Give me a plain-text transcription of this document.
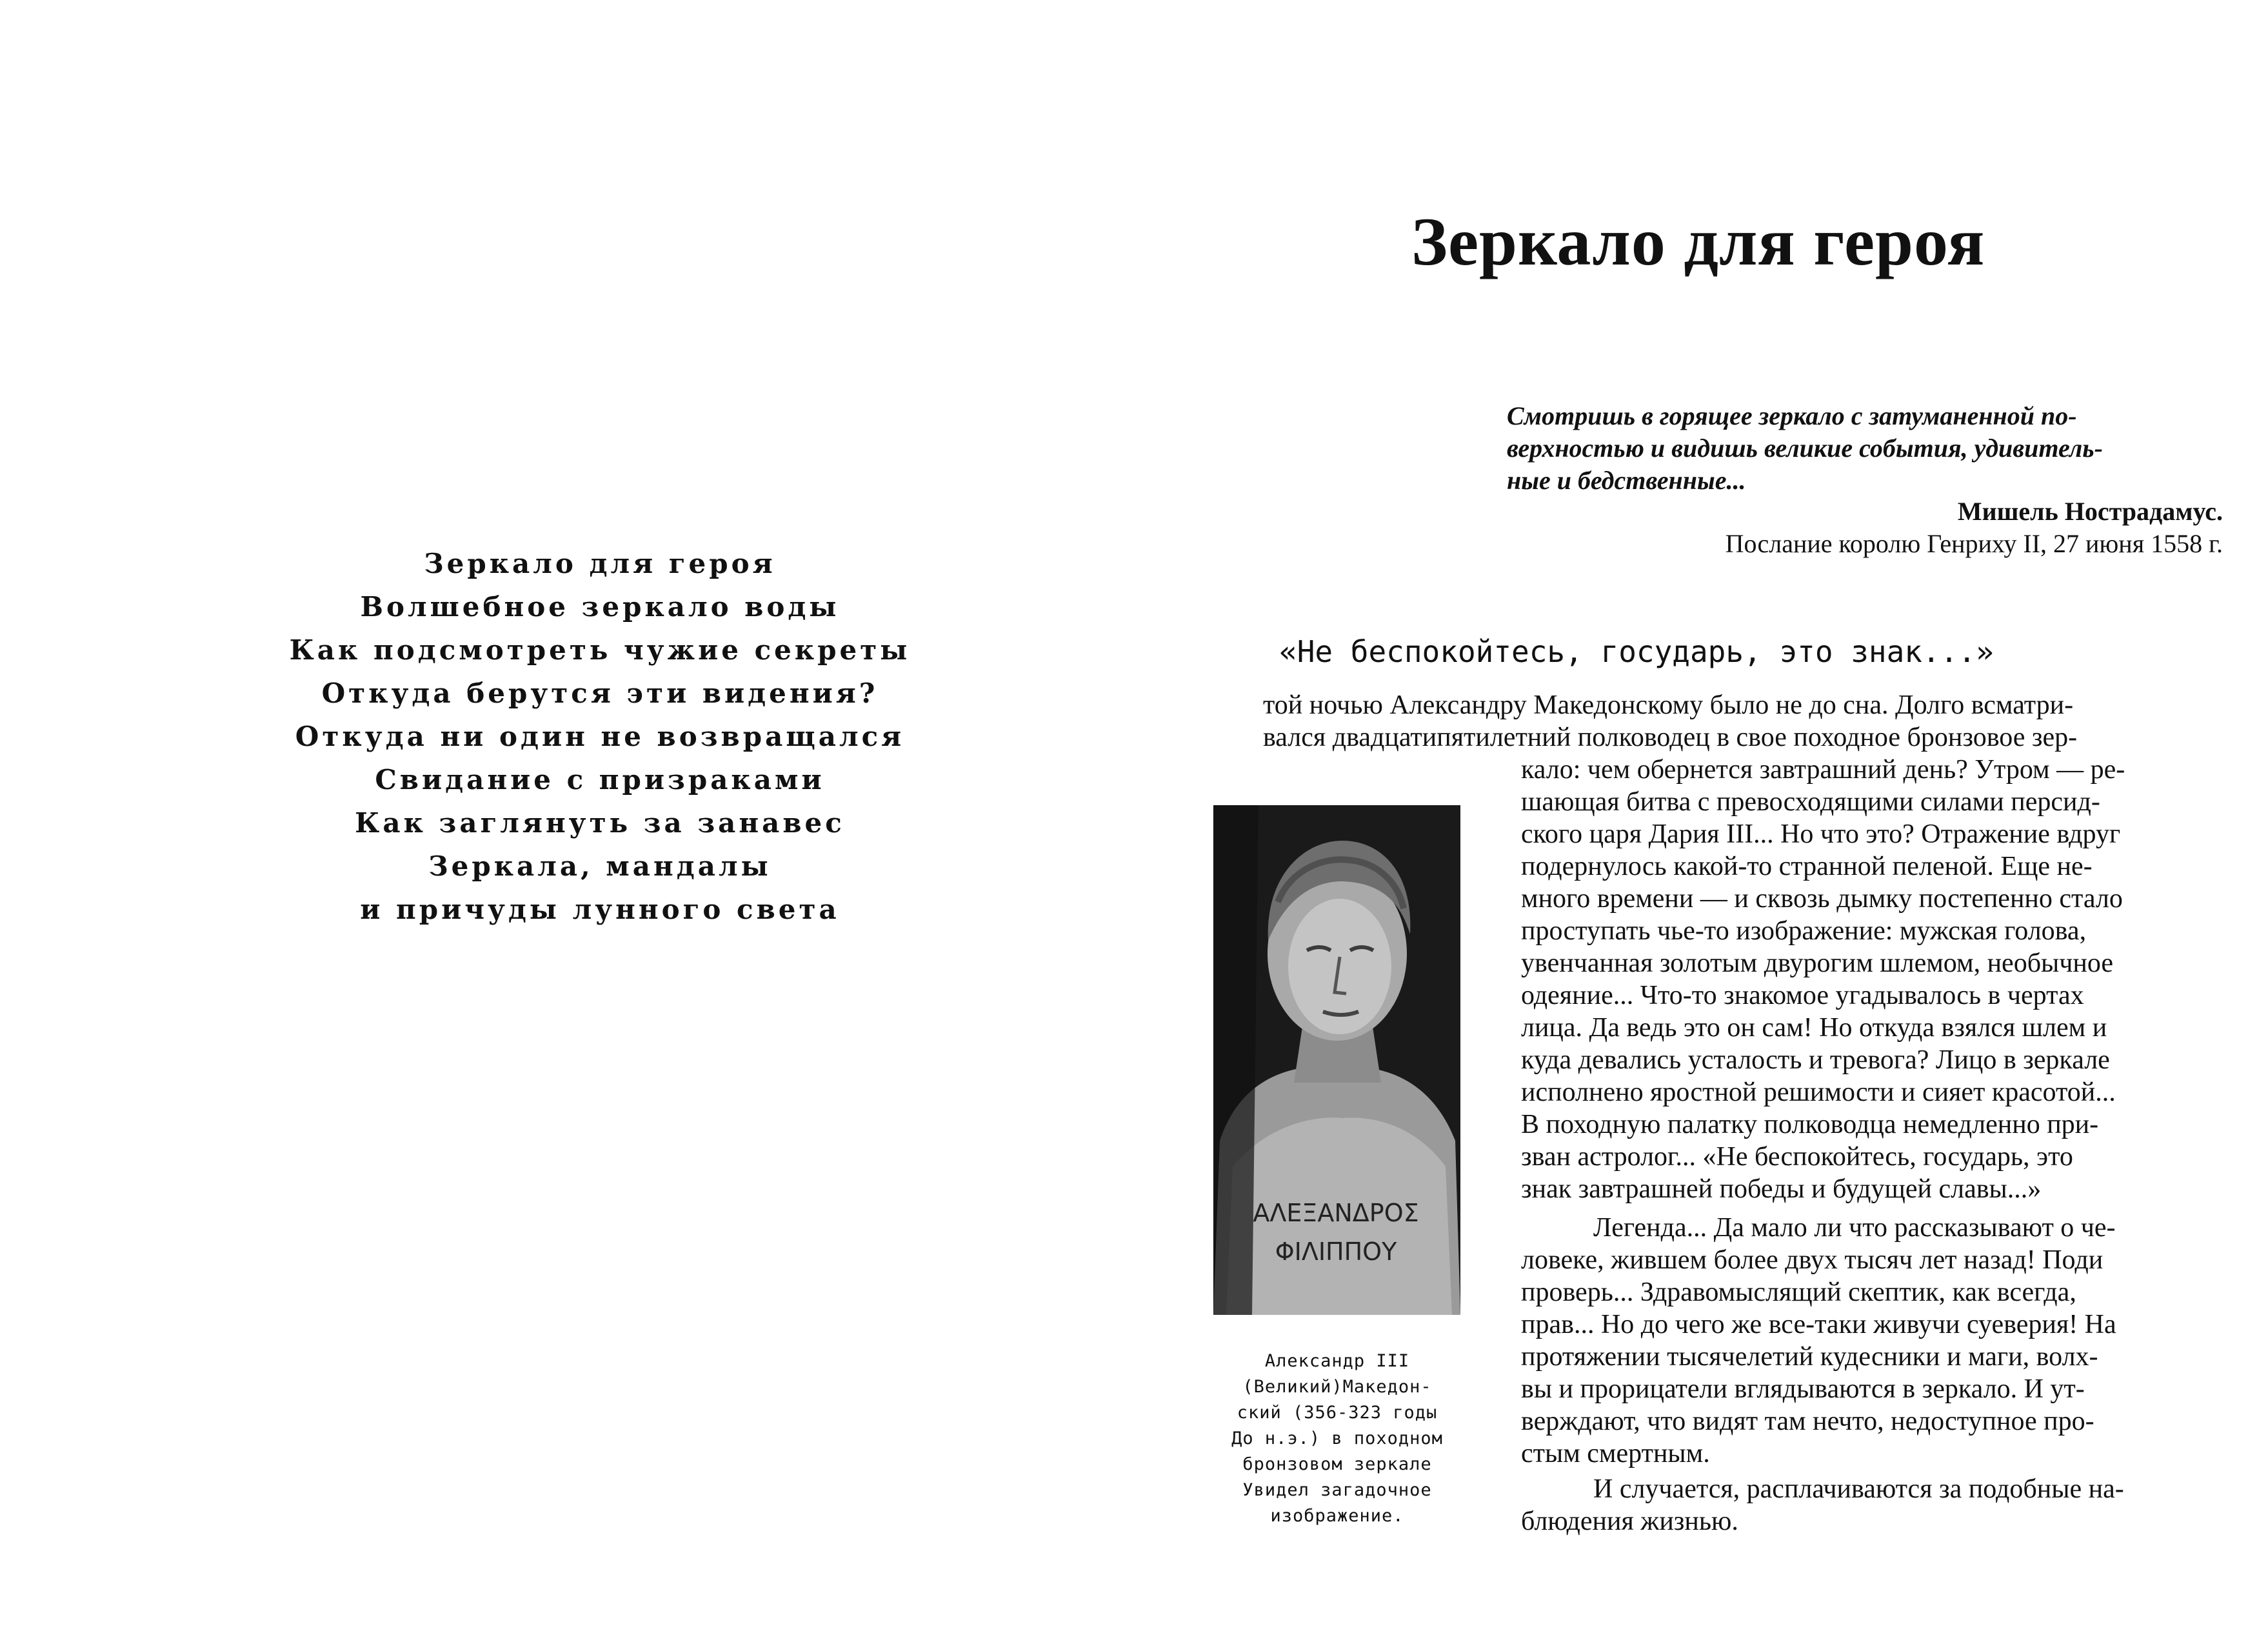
Зеркало для героя
Волшебное зеркало воды
Как подсмотреть чужие секреты
Откуда берутся эти видения?
Откуда ни один не возвращался
Свидание с призраками
Как заглянуть за занавес
Зеркала, мандалы
и причуды лунного света
Зеркало для героя
Смотришь в горящее зеркало с затуманенной по-
верхностью и видишь великие события, удивитель-
ные и бедственные...
Мишель Нострадамус.
Послание королю Генриху II, 27 июня 1558 г.
«Не беспокойтесь, государь, это знак...»
той ночью Александру Македонскому было не до сна. Долго всматри-
вался двадцатипятилетний полководец в свое походное бронзовое зер-
кало: чем обернется завтрашний день? Утром — ре-
шающая битва с превосходящими силами персид-
ского царя Дария III... Но что это? Отражение вдруг
подернулось какой-то странной пеленой. Еще не-
много времени — и сквозь дымку постепенно стало
проступать чье-то изображение: мужская голова,
увенчанная золотым двурогим шлемом, необычное
одеяние... Что-то знакомое угадывалось в чертах
лица. Да ведь это он сам! Но откуда взялся шлем и
куда девались усталость и тревога? Лицо в зеркале
исполнено яростной решимости и сияет красотой...
В походную палатку полководца немедленно при-
зван астролог... «Не беспокойтесь, государь, это
знак завтрашней победы и будущей славы...»
Легенда... Да мало ли что рассказывают о че-
ловеке, жившем более двух тысяч лет назад! Поди
проверь... Здравомыслящий скептик, как всегда,
прав... Но до чего же все-таки живучи суеверия! На
протяжении тысячелетий кудесники и маги, волх-
вы и прорицатели вглядываются в зеркало. И ут-
верждают, что видят там нечто, недоступное про-
стым смертным.
И случается, расплачиваются за подобные на-
блюдения жизнью.
ΑΛΕΞΑΝΔΡΟΣ
ΦΙΛΙΠΠΟΥ
Александр III
(Великий)Македон-
ский (356-323 годы
До н.э.) в походном
бронзовом зеркале
Увидел загадочное
изображение.
